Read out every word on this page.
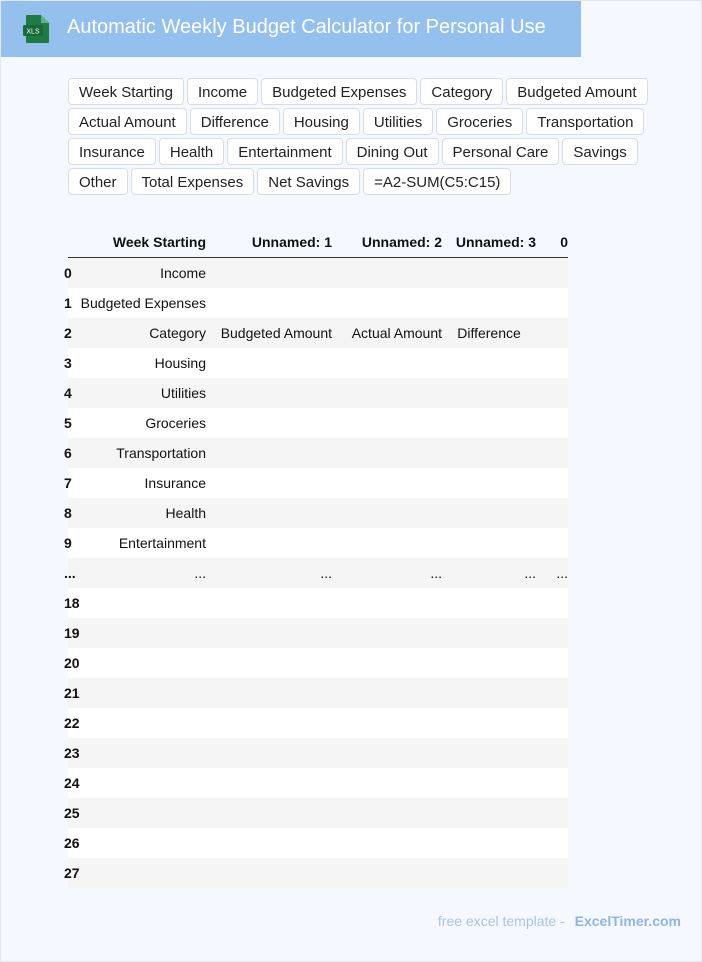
XLS Automatic Weekly Budget Calculator for Personal Use
Week Starting	Income	Budgeted Expenses	Category	Budgeted Amount
Actual Amount	Difference	Housing	Utilities	Groceries	Transportation
Insurance	Health	Entertainment	Dining Out	Personal Care	Savings
Other	Total Expenses	Net Savings	=A2-SUM(C5:C15)
	Week Starting	Unnamed: 1	Unnamed: 2	Unnamed: 3	0
0	Income				
1	Budgeted Expenses				
2	Category	Budgeted Amount	Actual Amount	Difference	
3	Housing				
4	Utilities				
5	Groceries				
6	Transportation				
7	Insurance				
8	Health				
9	Entertainment				
...	...	...	...	...	...
18					
19					
20					
21					
22					
23					
24					
25					
26					
27					
free excel template - ExcelTimer.com
